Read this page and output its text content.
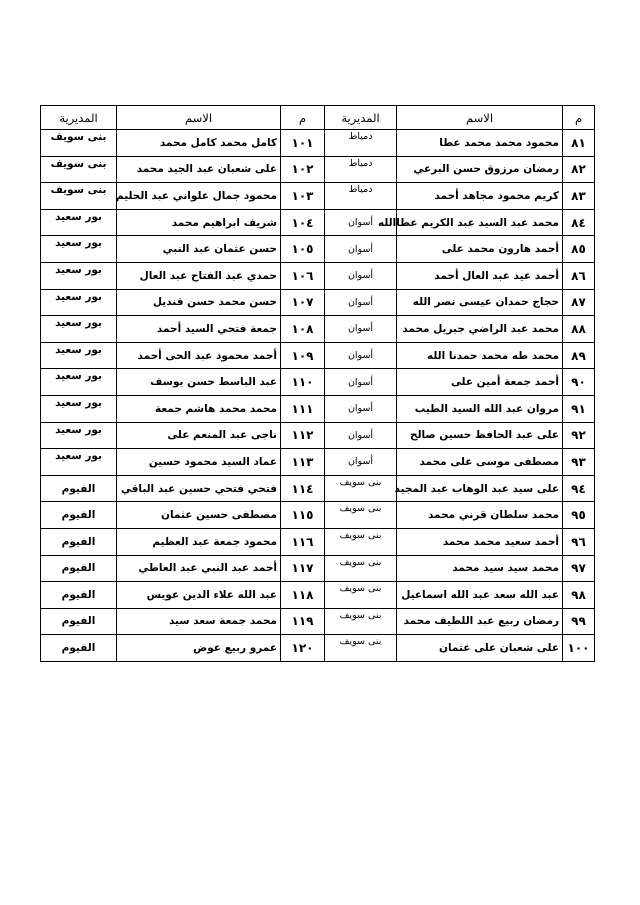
م	الاسم	المديرية	م	الاسم	المديرية
٨١	محمود محمد محمد عطا	دمياط	١٠١	كامل محمد كامل محمد	بنى سويف
٨٢	رمضان مرزوق حسن البرعي	دمياط	١٠٢	على شعبان عبد الجيد محمد	بنى سويف
٨٣	كريم محمود مجاهد أحمد	دمياط	١٠٣	محمود جمال علواني عبد الحليم	بنى سويف
٨٤	محمد عبد السيد عبد الكريم عطاالله	أسوان	١٠٤	شريف ابراهيم محمد	بور سعيد
٨٥	أحمد هارون محمد على	أسوان	١٠٥	حسن عثمان عبد النبي	بور سعيد
٨٦	أحمد عيد عبد العال أحمد	أسوان	١٠٦	حمدي عبد الفتاح عبد العال	بور سعيد
٨٧	حجاج حمدان عيسى نصر الله	أسوان	١٠٧	حسن محمد حسن قنديل	بور سعيد
٨٨	محمد عبد الراضي جبريل محمد	أسوان	١٠٨	جمعة فتحي السيد أحمد	بور سعيد
٨٩	محمد طه محمد حمدنا الله	أسوان	١٠٩	أحمد محمود عبد الحى أحمد	بور سعيد
٩٠	أحمد جمعة أمين على	أسوان	١١٠	عبد الباسط حسن يوسف	بور سعيد
٩١	مروان عبد الله السيد الطيب	أسوان	١١١	محمد محمد هاشم جمعة	بور سعيد
٩٢	على عبد الحافظ حسين صالح	أسوان	١١٢	ناجى عبد المنعم على	بور سعيد
٩٣	مصطفى موسى على محمد	أسوان	١١٣	عماد السيد محمود حسين	بور سعيد
٩٤	على سيد عبد الوهاب عبد المجيد	بنى سويف	١١٤	فتحي فتحي حسين عبد الباقي	الفيوم
٩٥	محمد سلطان قرني محمد	بنى سويف	١١٥	مصطفى حسين عثمان	الفيوم
٩٦	أحمد سعيد محمد محمد	بنى سويف	١١٦	محمود جمعة عبد العظيم	الفيوم
٩٧	محمد سيد سيد محمد	بنى سويف	١١٧	أحمد عبد النبي عبد العاطي	الفيوم
٩٨	عبد الله سعد عبد الله اسماعيل	بنى سويف	١١٨	عبد الله علاء الدين عويس	الفيوم
٩٩	رمضان ربيع عبد اللطيف محمد	بنى سويف	١١٩	محمد جمعة سعد سيد	الفيوم
١٠٠	على شعبان على عثمان	بنى سويف	١٢٠	عمرو ربيع عوض	الفيوم
